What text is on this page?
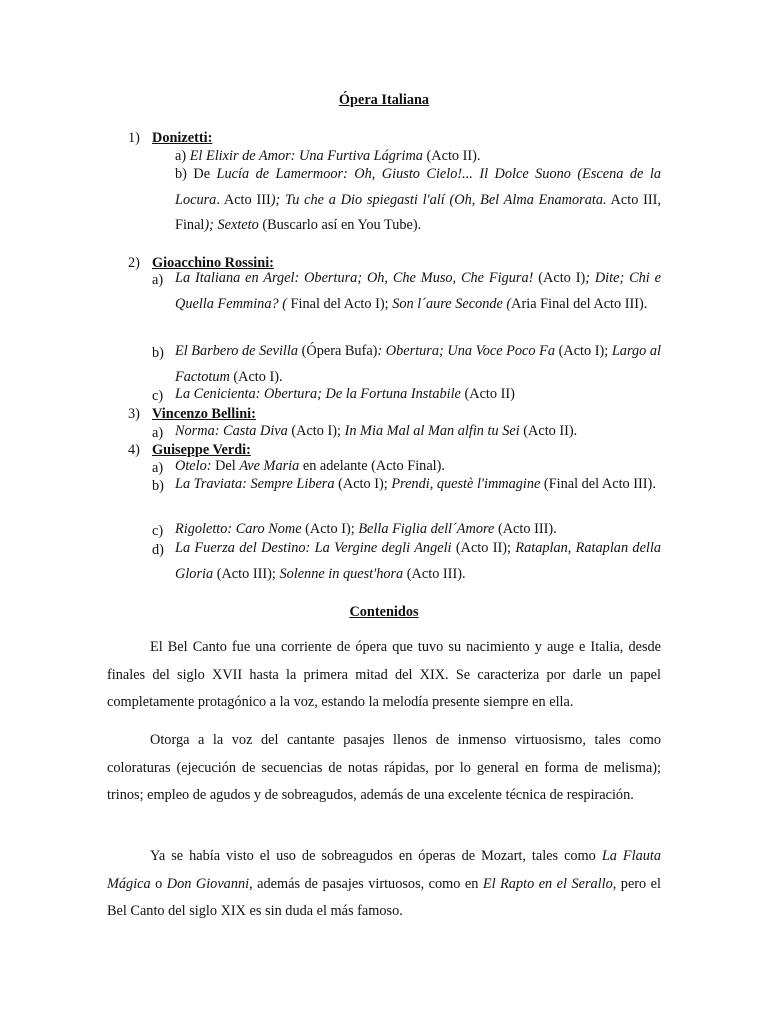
Ópera Italiana
1) Donizetti:
a) El Elixir de Amor: Una Furtiva Lágrima (Acto II).
b) De Lucía de Lamermoor: Oh, Giusto Cielo!... Il Dolce Suono (Escena de la Locura. Acto III); Tu che a Dio spiegasti l'alí (Oh, Bel Alma Enamorata. Acto III, Final); Sexteto (Buscarlo así en You Tube).
2) Gioacchino Rossini:
a) La Italiana en Argel: Obertura; Oh, Che Muso, Che Figura! (Acto I); Dite; Chi e Quella Femmina? ( Final del Acto I); Son l´aure Seconde (Aria Final del Acto III).
b) El Barbero de Sevilla (Ópera Bufa): Obertura; Una Voce Poco Fa (Acto I); Largo al Factotum (Acto I).
c) La Cenicienta: Obertura; De la Fortuna Instabile (Acto II)
3) Vincenzo Bellini:
a) Norma: Casta Diva (Acto I); In Mia Mal al Man alfin tu Sei (Acto II).
4) Guiseppe Verdi:
a) Otelo: Del Ave Maria en adelante (Acto Final).
b) La Traviata: Sempre Libera (Acto I); Prendi, questè l'immagine (Final del Acto III).
c) Rigoletto: Caro Nome (Acto I); Bella Figlia dell´Amore (Acto III).
d) La Fuerza del Destino: La Vergine degli Angeli (Acto II); Rataplan, Rataplan della Gloria (Acto III); Solenne in quest'hora (Acto III).
Contenidos
El Bel Canto fue una corriente de ópera que tuvo su nacimiento y auge e Italia, desde finales del siglo XVII hasta la primera mitad del XIX. Se caracteriza por darle un papel completamente protagónico a la voz, estando la melodía presente siempre en ella.
Otorga a la voz del cantante pasajes llenos de inmenso virtuosismo, tales como coloraturas (ejecución de secuencias de notas rápidas, por lo general en forma de melisma); trinos; empleo de agudos y de sobreagudos, además de una excelente técnica de respiración.
Ya se había visto el uso de sobreagudos en óperas de Mozart, tales como La Flauta Mágica o Don Giovanni, además de pasajes virtuosos, como en El Rapto en el Serallo, pero el Bel Canto del siglo XIX es sin duda el más famoso.
